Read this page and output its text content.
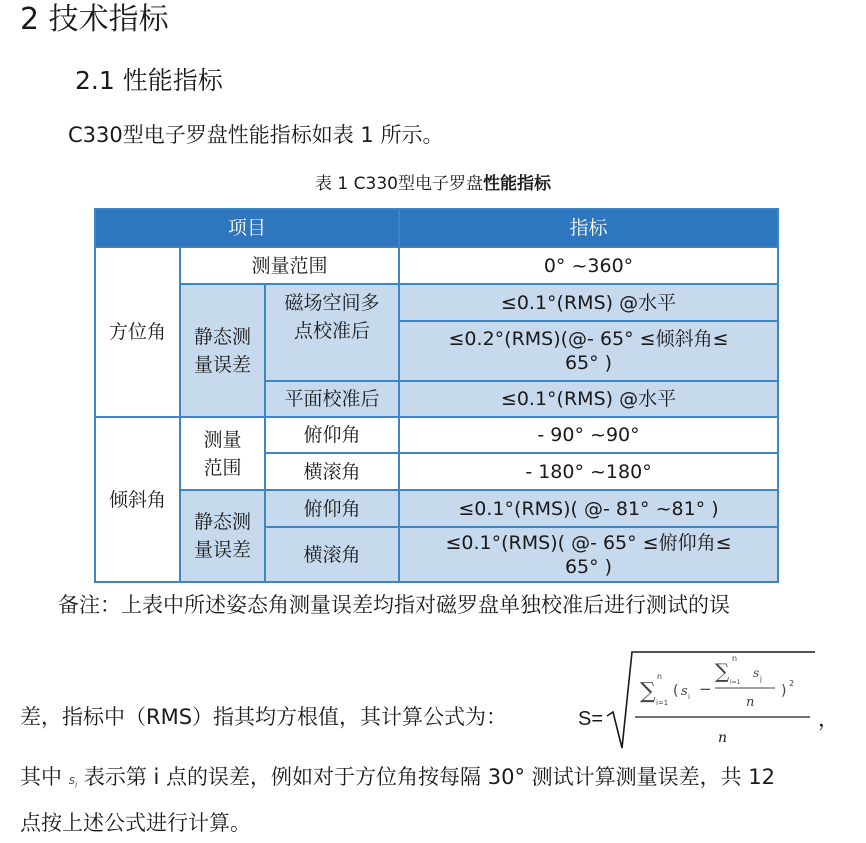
2 技术指标
2.1 性能指标
C330型电子罗盘性能指标如表 1 所示。
表 1 C330型电子罗盘性能指标
项目			指标
方位角	测量范围		0° ~360°
	静态测量误差	磁场空间多点校准后	≤0.1°(RMS) @水平
			≤0.2°(RMS)(@- 65° ≤倾斜角≤ 65° )
		平面校准后	≤0.1°(RMS) @水平
倾斜角	测量范围	俯仰角	- 90° ~90°
		横滚角	- 180° ~180°
	静态测量误差	俯仰角	≤0.1°(RMS)( @- 81° ~81° )
		横滚角	≤0.1°(RMS)( @- 65° ≤俯仰角≤ 65° )
备注：上表中所述姿态角测量误差均指对磁罗盘单独校准后进行测试的误
差，指标中（RMS）指其均方根值，其计算公式为：	S=
∑
n
i=1
( s i −
∑
n
i=1
s j
n
) 2
n
，
其中 $s_i$ 表示第 i 点的误差，例如对于方位角按每隔 30° 测试计算测量误差，共 12
点按上述公式进行计算。
